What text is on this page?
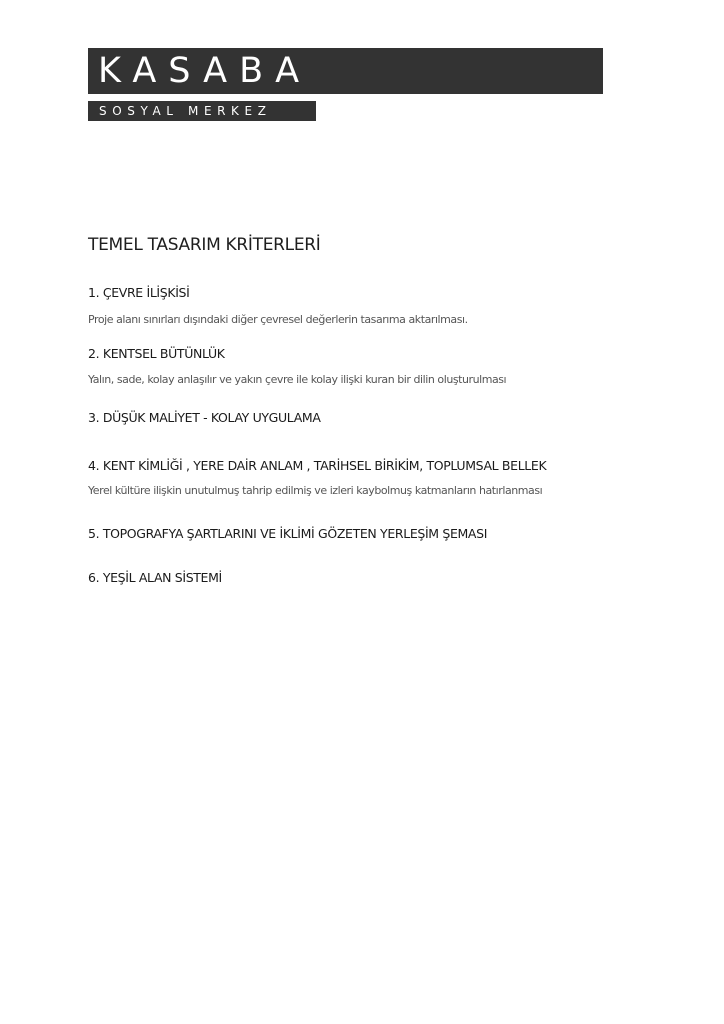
KASABA
SOSYAL MERKEZ
TEMEL TASARIM KRİTERLERİ
1. ÇEVRE İLİŞKİSİ
Proje alanı sınırları dışındaki diğer çevresel değerlerin tasarıma aktarılması.
2. KENTSEL BÜTÜNLÜK
Yalın, sade, kolay anlaşılır ve yakın çevre ile kolay ilişki kuran bir dilin oluşturulması
3. DÜŞÜK MALİYET - KOLAY UYGULAMA
4. KENT KİMLİĞİ , YERE DAİR ANLAM , TARİHSEL BİRİKİM, TOPLUMSAL BELLEK
Yerel kültüre ilişkin unutulmuş tahrip edilmiş ve izleri kaybolmuş katmanların hatırlanması
5. TOPOGRAFYA ŞARTLARINI VE İKLİMİ GÖZETEN YERLEŞİM ŞEMASI
6. YEŞİL ALAN SİSTEMİ
